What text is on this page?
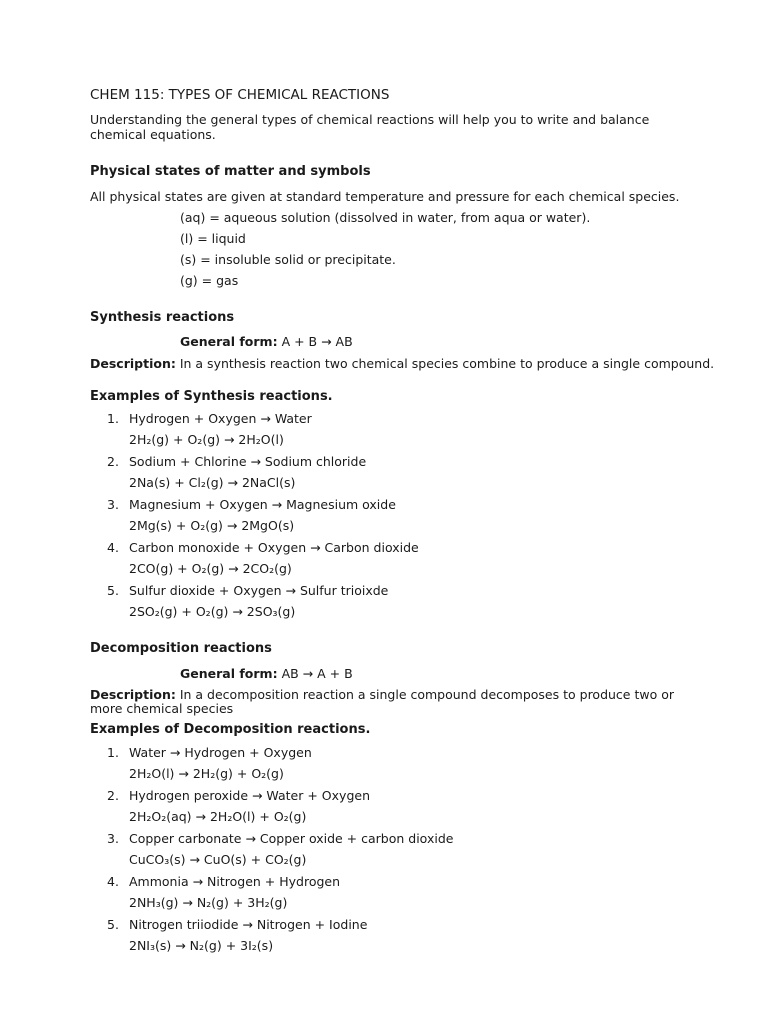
CHEM 115: TYPES OF CHEMICAL REACTIONS
Understanding the general types of chemical reactions will help you to write and balance chemical equations.
Physical states of matter and symbols
All physical states are given at standard temperature and pressure for each chemical species.
(aq) = aqueous solution (dissolved in water, from aqua or water).
(l) = liquid
(s) = insoluble solid or precipitate.
(g) = gas
Synthesis reactions
General form: A + B → AB
Description: In a synthesis reaction two chemical species combine to produce a single compound.
Examples of Synthesis reactions.
1. Hydrogen + Oxygen → Water
2H₂(g) + O₂(g) → 2H₂O(l)
2. Sodium + Chlorine → Sodium chloride
2Na(s) + Cl₂(g) → 2NaCl(s)
3. Magnesium + Oxygen → Magnesium oxide
2Mg(s) + O₂(g) → 2MgO(s)
4. Carbon monoxide + Oxygen → Carbon dioxide
2CO(g) + O₂(g) → 2CO₂(g)
5. Sulfur dioxide + Oxygen → Sulfur trioixde
2SO₂(g) + O₂(g) → 2SO₃(g)
Decomposition reactions
General form: AB → A + B
Description: In a decomposition reaction a single compound decomposes to produce two or more chemical species
Examples of Decomposition reactions.
1. Water → Hydrogen + Oxygen
2H₂O(l) → 2H₂(g) + O₂(g)
2. Hydrogen peroxide → Water + Oxygen
2H₂O₂(aq) → 2H₂O(l) + O₂(g)
3. Copper carbonate → Copper oxide + carbon dioxide
CuCO₃(s) → CuO(s) + CO₂(g)
4. Ammonia → Nitrogen + Hydrogen
2NH₃(g) → N₂(g) + 3H₂(g)
5. Nitrogen triiodide → Nitrogen + Iodine
2NI₃(s) → N₂(g) + 3I₂(s)
